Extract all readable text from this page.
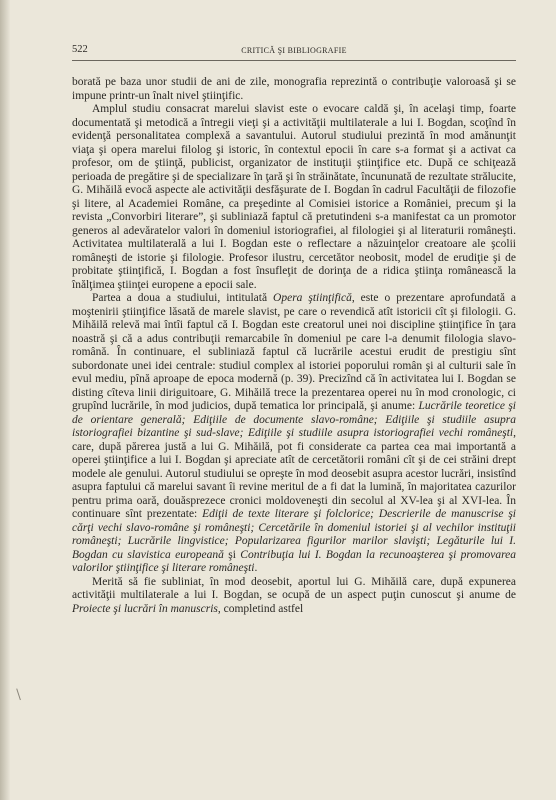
522	CRITICĂ ŞI BIBLIOGRAFIE

borată pe baza unor studii de ani de zile, monografia reprezintă o contribuţie valoroasă şi se impune printr-un înalt nivel ştiinţific.

Amplul studiu consacrat marelui slavist este o evocare caldă şi, în acelaşi timp, foarte documentată şi metodică a întregii vieţi şi a activităţii multilaterale a lui I. Bogdan, scoţînd în evidenţă personalitatea complexă a savantului. Autorul studiului prezintă în mod amănunţit viaţa şi opera marelui filolog şi istoric, în contextul epocii în care s-a format şi a activat ca profesor, om de ştiinţă, publicist, organizator de instituţii ştiinţifice etc. După ce schiţează perioada de pregătire şi de specializare în ţară şi în străinătate, încununată de rezultate strălucite, G. Mihăilă evocă aspecte ale activităţii desfăşurate de I. Bogdan în cadrul Facultăţii de filozofie şi litere, al Academiei Române, ca preşedinte al Comisiei istorice a României, precum şi la revista „Convorbiri literare”, şi subliniază faptul că pretutindeni s-a manifestat ca un promotor generos al adevăratelor valori în domeniul istoriografiei, al filologiei şi al literaturii româneşti. Activitatea multilaterală a lui I. Bogdan este o reflectare a năzuinţelor creatoare ale şcolii româneşti de istorie şi filologie. Profesor ilustru, cercetător neobosit, model de erudiţie şi de probitate ştiinţifică, I. Bogdan a fost însufleţit de dorinţa de a ridica ştiinţa românească la înălţimea ştiinţei europene a epocii sale.

Partea a doua a studiului, intitulată Opera ştiinţifică, este o prezentare aprofundată a moştenirii ştiinţifice lăsată de marele slavist, pe care o revendică atît istoricii cît şi filologii. G. Mihăilă relevă mai întîi faptul că I. Bogdan este creatorul unei noi discipline ştiinţifice în ţara noastră şi că a adus contribuţii remarcabile în domeniul pe care l-a denumit filologia slavo-română. În continuare, el subliniază faptul că lucrările acestui erudit de prestigiu sînt subordonate unei idei centrale: studiul complex al istoriei poporului român şi al culturii sale în evul mediu, pînă aproape de epoca modernă (p. 39). Precizînd că în activitatea lui I. Bogdan se disting cîteva linii diriguitoare, G. Mihăilă trece la prezentarea operei nu în mod cronologic, ci grupînd lucrările, în mod judicios, după tematica lor principală, şi anume: Lucrările teoretice şi de orientare generală; Ediţiile de documente slavo-române; Ediţiile şi studiile asupra istoriografiei bizantine şi sud-slave; Ediţiile şi studiile asupra istoriografiei vechi româneşti, care, după părerea justă a lui G. Mihăilă, pot fi considerate ca partea cea mai importantă a operei ştiinţifice a lui I. Bogdan şi apreciate atît de cercetătorii români cît şi de cei străini drept modele ale genului. Autorul studiului se opreşte în mod deosebit asupra acestor lucrări, insistînd asupra faptului că marelui savant îi revine meritul de a fi dat la lumină, în majoritatea cazurilor pentru prima oară, douăsprezece cronici moldoveneşti din secolul al XV-lea şi al XVI-lea. În continuare sînt prezentate: Ediţii de texte literare şi folclorice; Descrierile de manuscrise şi cărţi vechi slavo-române şi româneşti; Cercetările în domeniul istoriei şi al vechilor instituţii româneşti; Lucrările lingvistice; Popularizarea figurilor marilor slavişti; Legăturile lui I. Bogdan cu slavistica europeană şi Contribuţia lui I. Bogdan la recunoaşterea şi promovarea valorilor ştiinţifice şi literare româneşti.

Merită să fie subliniat, în mod deosebit, aportul lui G. Mihăilă care, după expunerea activităţii multilaterale a lui I. Bogdan, se ocupă de un aspect puţin cunoscut şi anume de Proiecte şi lucrări în manuscris, completind astfel
